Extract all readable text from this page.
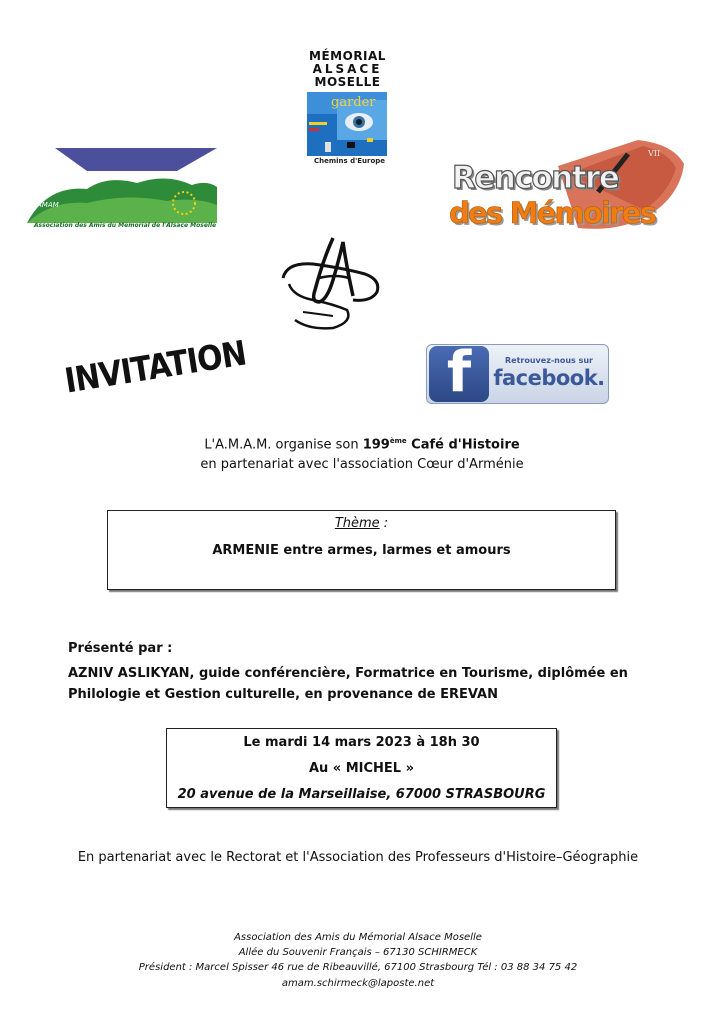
MÉMORIAL
ALSACE
MOSELLE
garder
Chemins d'Europe
AMAM
Association des Amis du Mémorial de l'Alsace Moselle
VII
Rencontre
des Mémoires
INVITATION	f	Retrouvez-nous sur
facebook.
L'A.M.A.M. organise son 199ème Café d'Histoire
en partenariat avec l'association Cœur d'Arménie
Thème :
ARMENIE entre armes, larmes et amours
Présenté par :
AZNIV ASLIKYAN, guide conférencière, Formatrice en Tourisme, diplômée en Philologie et Gestion culturelle, en provenance de EREVAN
Le mardi 14 mars 2023 à 18h 30
Au « MICHEL »
20 avenue de la Marseillaise, 67000 STRASBOURG
En partenariat avec le Rectorat et l'Association des Professeurs d'Histoire–Géographie
Association des Amis du Mémorial Alsace Moselle
Allée du Souvenir Français – 67130 SCHIRMECK
Président : Marcel Spisser 46 rue de Ribeauvillé, 67100 Strasbourg Tél : 03 88 34 75 42
amam.schirmeck@laposte.net
